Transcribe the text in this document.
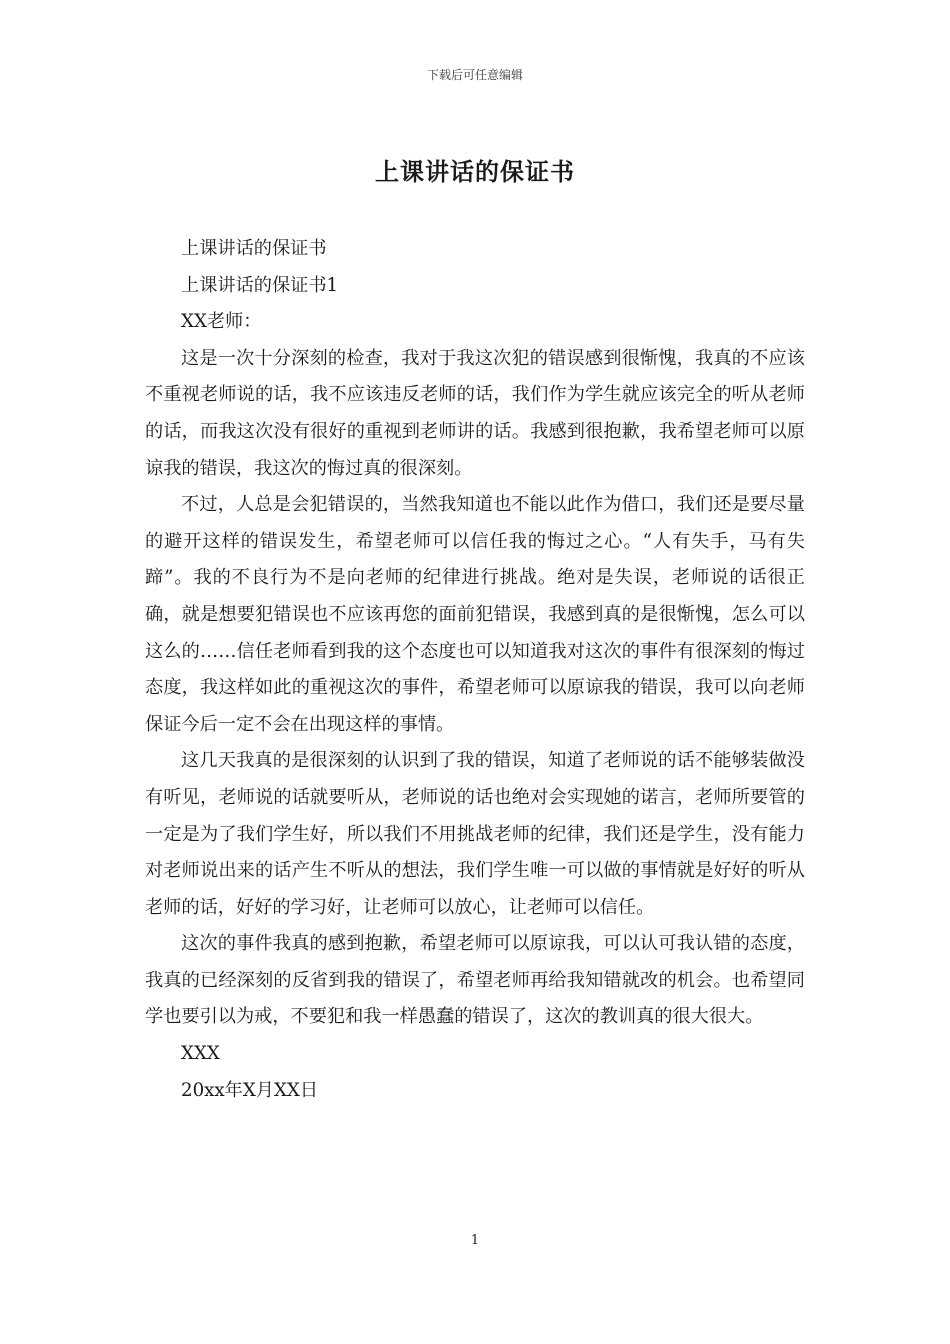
下载后可任意编辑
上课讲话的保证书

上课讲话的保证书

上课讲话的保证书1

XX老师：

这是一次十分深刻的检查，我对于我这次犯的错误感到很惭愧，我真的不应该不重视老师说的话，我不应该违反老师的话，我们作为学生就应该完全的听从老师的话，而我这次没有很好的重视到老师讲的话。我感到很抱歉，我希望老师可以原谅我的错误，我这次的悔过真的很深刻。

不过，人总是会犯错误的，当然我知道也不能以此作为借口，我们还是要尽量的避开这样的错误发生，希望老师可以信任我的悔过之心。“人有失手，马有失蹄”。我的不良行为不是向老师的纪律进行挑战。绝对是失误，老师说的话很正确，就是想要犯错误也不应该再您的面前犯错误，我感到真的是很惭愧，怎么可以这么的……信任老师看到我的这个态度也可以知道我对这次的事件有很深刻的悔过态度，我这样如此的重视这次的事件，希望老师可以原谅我的错误，我可以向老师保证今后一定不会在出现这样的事情。

这几天我真的是很深刻的认识到了我的错误，知道了老师说的话不能够装做没有听见，老师说的话就要听从，老师说的话也绝对会实现她的诺言，老师所要管的一定是为了我们学生好，所以我们不用挑战老师的纪律，我们还是学生，没有能力对老师说出来的话产生不听从的想法，我们学生唯一可以做的事情就是好好的听从老师的话，好好的学习好，让老师可以放心，让老师可以信任。

这次的事件我真的感到抱歉，希望老师可以原谅我，可以认可我认错的态度，我真的已经深刻的反省到我的错误了，希望老师再给我知错就改的机会。也希望同学也要引以为戒，不要犯和我一样愚蠢的错误了，这次的教训真的很大很大。

XXX

20xx年X月XX日

1
